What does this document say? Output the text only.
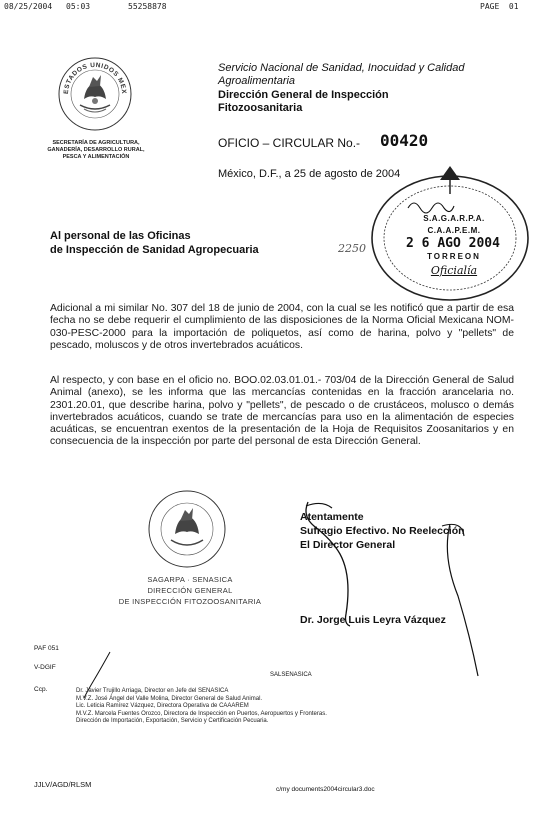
08/25/2004 05:03	55258878	PAGE  01
ESTADOS UNIDOS MEXICANOS
SECRETARÍA DE AGRICULTURA,
GANADERÍA, DESARROLLO RURAL,
PESCA Y ALIMENTACIÓN
Servicio Nacional de Sanidad, Inocuidad y Calidad
Agroalimentaria
Dirección General de Inspección
Fitozoosanitaria
OFICIO – CIRCULAR No.- 00420
México, D.F., a 25 de agosto de 2004
S.A.G.A.R.P.A.
C.A.A.P.E.M.
2 6 AGO 2004
TORREON
Oficialía
Al personal de las Oficinas
de Inspección de Sanidad Agropecuaria	2250
Adicional a mi similar No. 307 del 18 de junio de 2004, con la cual se les notificó que a partir de esa fecha no se debe requerir el cumplimiento de las disposiciones de la Norma Oficial Mexicana NOM-030-PESC-2000 para la importación de poliquetos, así como de harina, polvo y "pellets" de pescado, moluscos y de otros invertebrados acuáticos.
Al respecto, y con base en el oficio no. BOO.02.03.01.01.- 703/04 de la Dirección General de Salud Animal (anexo), se les informa que las mercancías contenidas en la fracción arancelaria no. 2301.20.01, que describe harina, polvo y "pellets", de pescado o de crustáceos, molusco o demás invertebrados acuáticos, cuando se trate de mercancías para uso en la alimentación de especies acuáticas, se encuentran exentos de la presentación de la Hoja de Requisitos Zoosanitarios y en consecuencia de la inspección por parte del personal de esta Dirección General.
SAGARPA · SENASICA
DIRECCIÓN GENERAL
DE INSPECCIÓN FITOZOOSANITARIA
Atentamente
Sufragio Efectivo. No Reelección
El Director General
Dr. Jorge Luis Leyra Vázquez
PAF 051
V-DGIF
SALSENASICA
Ccp.	Dr. Javier Trujillo Arriaga, Director en Jefe del SENASICA
M.V.Z. José Ángel del Valle Molina, Director General de Salud Animal.
Lic. Leticia Ramírez Vázquez, Directora Operativa de CAAAREM
M.V.Z. Marcela Fuentes Orozco, Directora de Inspección en Puertos, Aeropuertos y Fronteras.
Dirección de Importación, Exportación, Servicio y Certificación Pecuaria.
JJLV/AGD/RLSM
c/my documents2004circular3.doc
